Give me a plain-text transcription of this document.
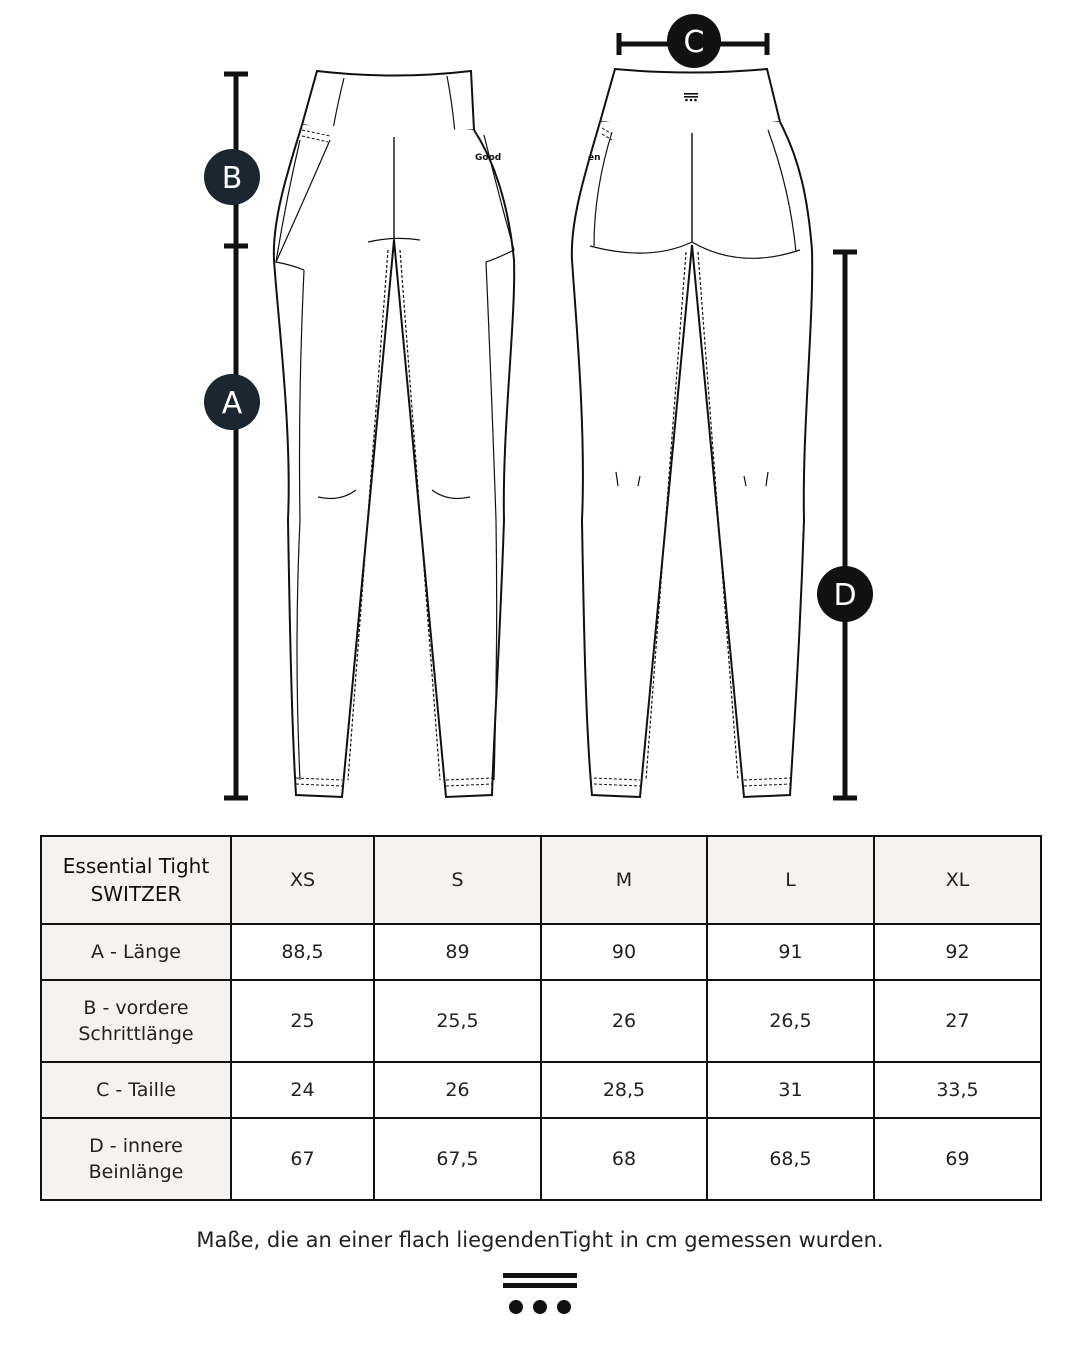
Good	en
B
A
C
D
Essential Tight
SWITZER	XS	S	M	L	XL

A - Länge	88,5	89	90	91	92

B - vordere
Schrittlänge	25	25,5	26	26,5	27

C - Taille	24	26	28,5	31	33,5

D - innere
Beinlänge	67	67,5	68	68,5	69
Maße, die an einer flach liegendenTight in cm gemessen wurden.
